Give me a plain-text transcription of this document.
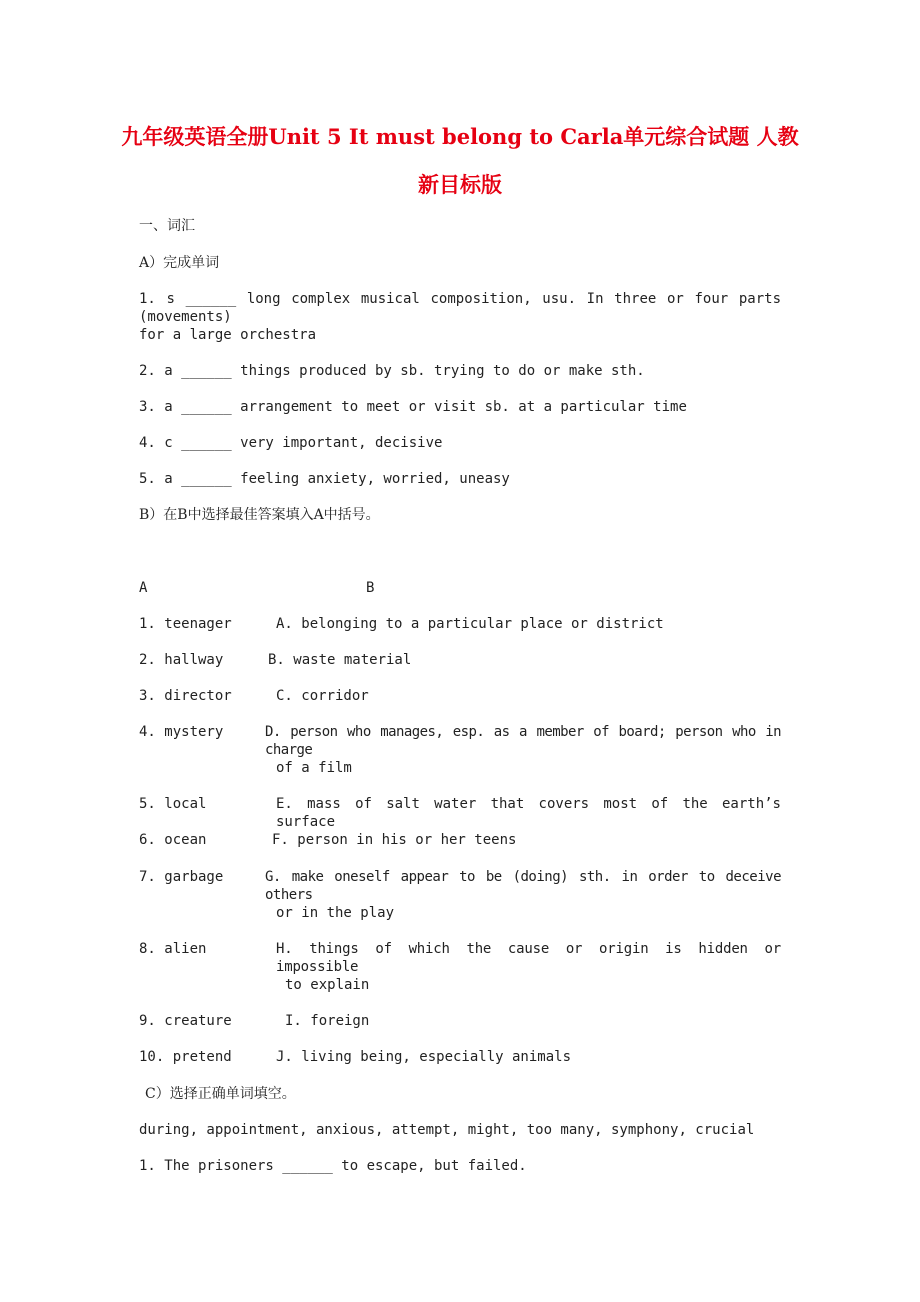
九年级英语全册Unit 5 It must belong to Carla单元综合试题 人教
新目标版
一、词汇
A）完成单词
1. s ______ long complex musical composition, usu. In three or four parts (movements)
for a large orchestra
2. a ______ things produced by sb. trying to do or make sth.
3. a ______ arrangement to meet or visit sb. at a particular time
4. c ______ very important, decisive
5. a ______ feeling anxiety, worried, uneasy
B）在B中选择最佳答案填入A中括号。
A	B
1. teenager	A. belonging to a particular place or district
2. hallway	B. waste material
3. director	C. corridor
4. mystery	D. person who manages, esp. as a member of board; person who in charge
of a film
5. local	E. mass of salt water that covers most of the earth’s surface
6. ocean	F. person in his or her teens
7. garbage	G. make oneself appear to be (doing) sth. in order to deceive others
or in the play
8. alien	H. things of which the cause or origin is hidden or impossible
to explain
9. creature	I. foreign
10. pretend	J. living being, especially animals
C）选择正确单词填空。
during, appointment, anxious, attempt, might, too many, symphony, crucial
1. The prisoners ______ to escape, but failed.
